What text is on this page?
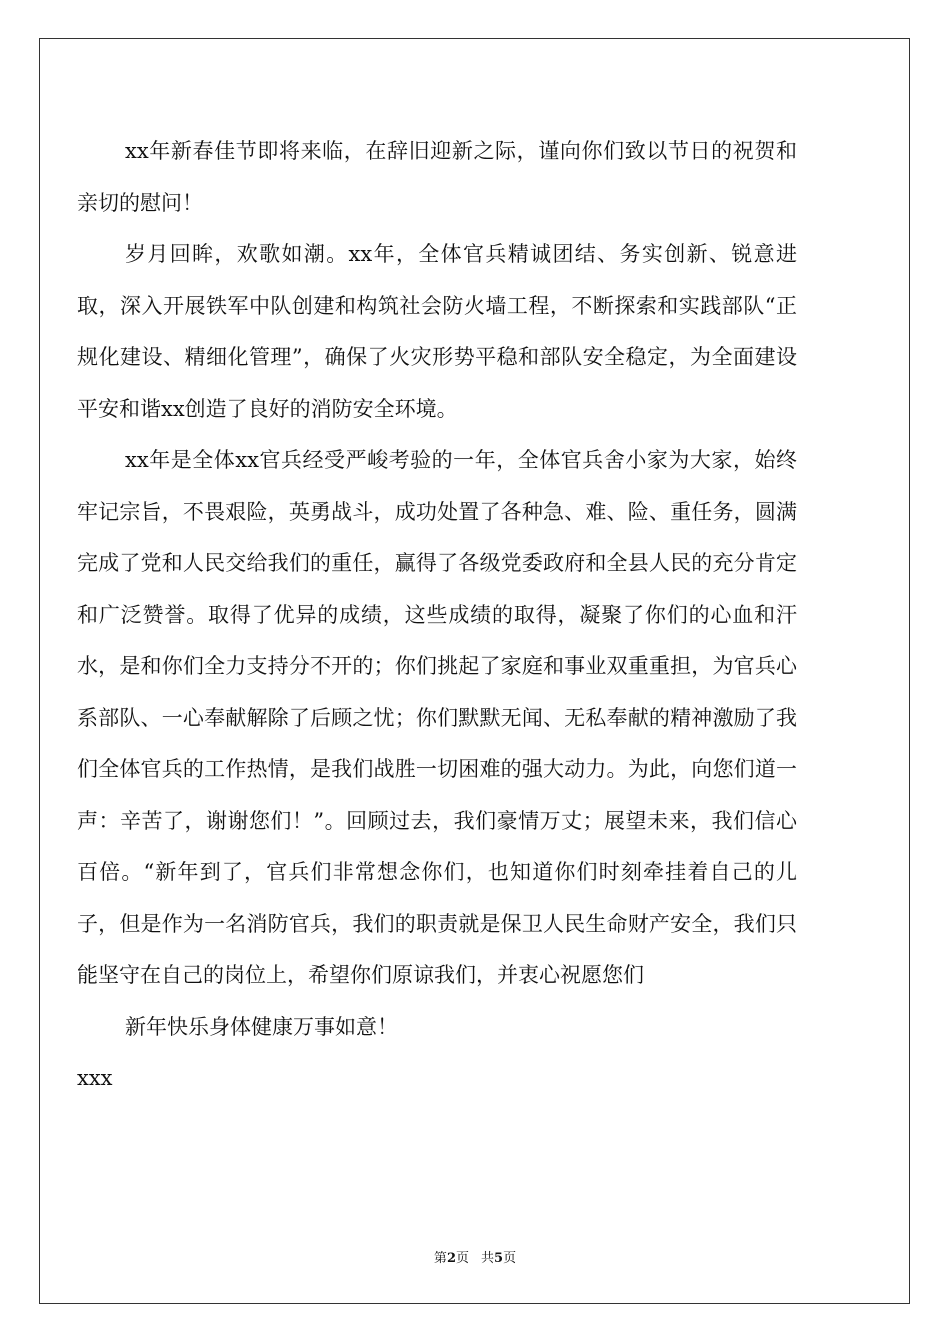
xx年新春佳节即将来临，在辞旧迎新之际，谨向你们致以节日的祝贺和亲切的慰问！

岁月回眸，欢歌如潮。xx年，全体官兵精诚团结、务实创新、锐意进取，深入开展铁军中队创建和构筑社会防火墙工程，不断探索和实践部队“正规化建设、精细化管理”，确保了火灾形势平稳和部队安全稳定，为全面建设平安和谐xx创造了良好的消防安全环境。

xx年是全体xx官兵经受严峻考验的一年，全体官兵舍小家为大家，始终牢记宗旨，不畏艰险，英勇战斗，成功处置了各种急、难、险、重任务，圆满完成了党和人民交给我们的重任，赢得了各级党委政府和全县人民的充分肯定和广泛赞誉。取得了优异的成绩，这些成绩的取得，凝聚了你们的心血和汗水，是和你们全力支持分不开的；你们挑起了家庭和事业双重重担，为官兵心系部队、一心奉献解除了后顾之忧；你们默默无闻、无私奉献的精神激励了我们全体官兵的工作热情，是我们战胜一切困难的强大动力。为此，向您们道一声：辛苦了，谢谢您们！”。回顾过去，我们豪情万丈；展望未来，我们信心百倍。“新年到了，官兵们非常想念你们，也知道你们时刻牵挂着自己的儿子，但是作为一名消防官兵，我们的职责就是保卫人民生命财产安全，我们只能坚守在自己的岗位上，希望你们原谅我们，并衷心祝愿您们

新年快乐身体健康万事如意！

xxx

第2页 共5页
